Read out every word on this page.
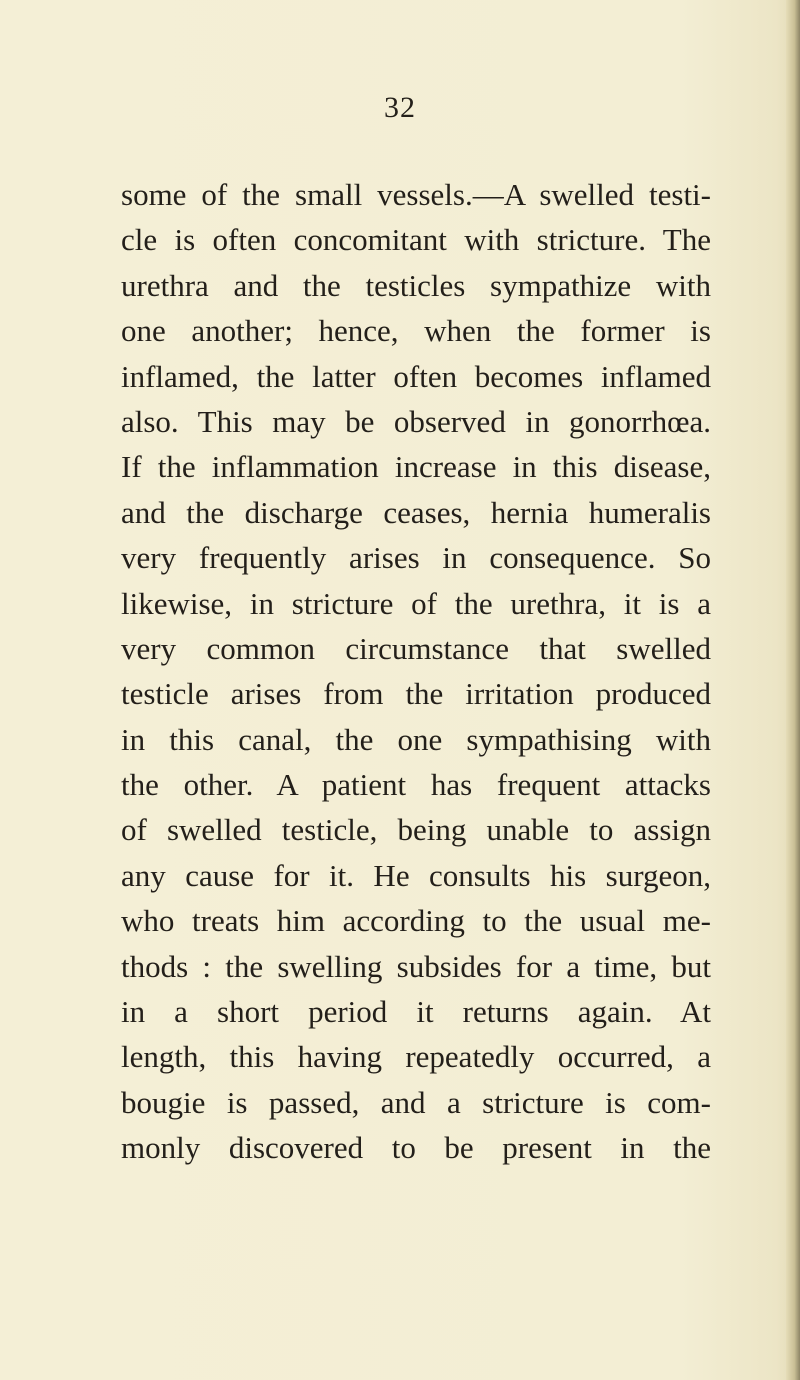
32
some of the small vessels.—A swelled testi-
cle is often concomitant with stricture. The
urethra and the testicles sympathize with
one another; hence, when the former is
inflamed, the latter often becomes inflamed
also. This may be observed in gonorrhœa.
If the inflammation increase in this disease,
and the discharge ceases, hernia humeralis
very frequently arises in consequence. So
likewise, in stricture of the urethra, it is a
very common circumstance that swelled
testicle arises from the irritation produced
in this canal, the one sympathising with
the other. A patient has frequent attacks
of swelled testicle, being unable to assign
any cause for it. He consults his surgeon,
who treats him according to the usual me-
thods : the swelling subsides for a time, but
in a short period it returns again. At
length, this having repeatedly occurred, a
bougie is passed, and a stricture is com-
monly discovered to be present in the
